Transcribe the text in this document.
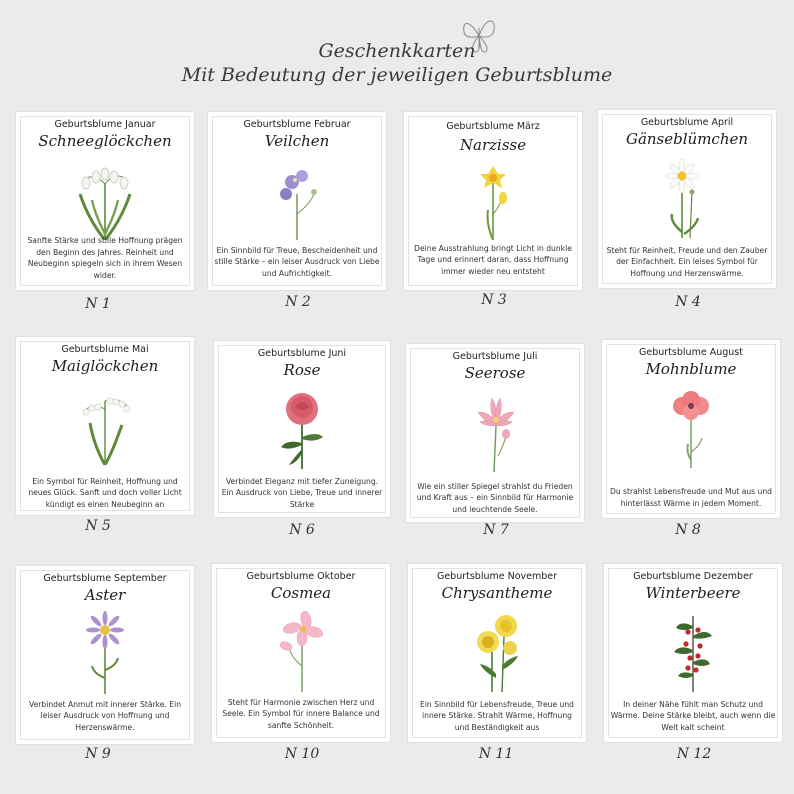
Geschenkkarten
Mit Bedeutung der jeweiligen Geburtsblume
Geburtsblume Januar
Schneeglöckchen
Sanfte Stärke und stille Hoffnung prägen den Beginn des Jahres. Reinheit und Neubeginn spiegeln sich in ihrem Wesen wider.
N 1
Geburtsblume Februar
Veilchen
Ein Sinnbild für Treue, Bescheidenheit und stille Stärke – ein leiser Ausdruck von Liebe und Aufrichtigkeit.
N 2
Geburtsblume März
Narzisse
Deine Ausstrahlung bringt Licht in dunkle Tage und erinnert daran, dass Hoffnung immer wieder neu entsteht
N 3
Geburtsblume April
Gänseblümchen
Steht für Reinheit, Freude und den Zauber der Einfachheit. Ein leises Symbol für Hoffnung und Herzenswärme.
N 4
Geburtsblume Mai
Maiglöckchen
Ein Symbol für Reinheit, Hoffnung und neues Glück. Sanft und doch voller Licht kündigt es einen Neubeginn an
N 5
Geburtsblume Juni
Rose
Verbindet Eleganz mit tiefer Zuneigung. Ein Ausdruck von Liebe, Treue und innerer Stärke
N 6
Geburtsblume Juli
Seerose
Wie ein stiller Spiegel strahlst du Frieden und Kraft aus – ein Sinnbild für Harmonie und leuchtende Seele.
N 7
Geburtsblume August
Mohnblume
Du strahlst Lebensfreude und Mut aus und hinterlässt Wärme in jedem Moment.
N 8
Geburtsblume September
Aster
Verbindet Anmut mit innerer Stärke. Ein leiser Ausdruck von Hoffnung und Herzenswärme.
N 9
Geburtsblume Oktober
Cosmea
Steht für Harmonie zwischen Herz und Seele. Ein Symbol für innere Balance und sanfte Schönheit.
N 10
Geburtsblume November
Chrysantheme
Ein Sinnbild für Lebensfreude, Treue und innere Stärke. Strahlt Wärme, Hoffnung und Beständigkeit aus
N 11
Geburtsblume Dezember
Winterbeere
In deiner Nähe fühlt man Schutz und Wärme. Deine Stärke bleibt, auch wenn die Welt kalt scheint
N 12
